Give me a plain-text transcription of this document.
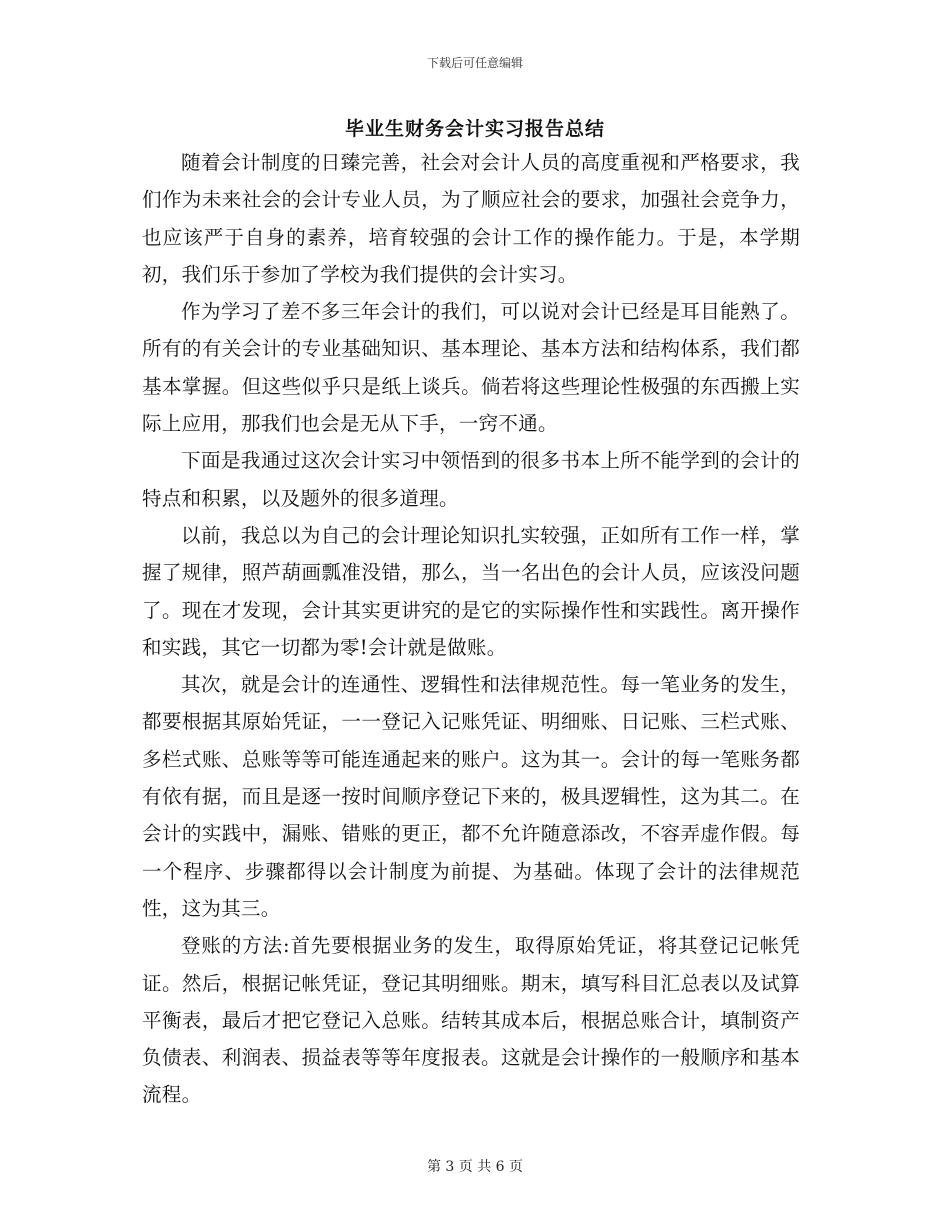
下载后可任意编辑
毕业生财务会计实习报告总结

随着会计制度的日臻完善，社会对会计人员的高度重视和严格要求，我们作为未来社会的会计专业人员，为了顺应社会的要求，加强社会竞争力，也应该严于自身的素养，培育较强的会计工作的操作能力。于是，本学期初，我们乐于参加了学校为我们提供的会计实习。

作为学习了差不多三年会计的我们，可以说对会计已经是耳目能熟了。所有的有关会计的专业基础知识、基本理论、基本方法和结构体系，我们都基本掌握。但这些似乎只是纸上谈兵。倘若将这些理论性极强的东西搬上实际上应用，那我们也会是无从下手，一窍不通。

下面是我通过这次会计实习中领悟到的很多书本上所不能学到的会计的特点和积累，以及题外的很多道理。

以前，我总以为自己的会计理论知识扎实较强，正如所有工作一样，掌握了规律，照芦葫画瓢准没错，那么，当一名出色的会计人员，应该没问题了。现在才发现，会计其实更讲究的是它的实际操作性和实践性。离开操作和实践，其它一切都为零!会计就是做账。

其次，就是会计的连通性、逻辑性和法律规范性。每一笔业务的发生，都要根据其原始凭证，一一登记入记账凭证、明细账、日记账、三栏式账、多栏式账、总账等等可能连通起来的账户。这为其一。会计的每一笔账务都有依有据，而且是逐一按时间顺序登记下来的，极具逻辑性，这为其二。在会计的实践中，漏账、错账的更正，都不允许随意添改，不容弄虚作假。每一个程序、步骤都得以会计制度为前提、为基础。体现了会计的法律规范性，这为其三。

登账的方法:首先要根据业务的发生，取得原始凭证，将其登记记帐凭证。然后，根据记帐凭证，登记其明细账。期末，填写科目汇总表以及试算平衡表，最后才把它登记入总账。结转其成本后，根据总账合计，填制资产负债表、利润表、损益表等等年度报表。这就是会计操作的一般顺序和基本流程。

第 3 页 共 6 页
